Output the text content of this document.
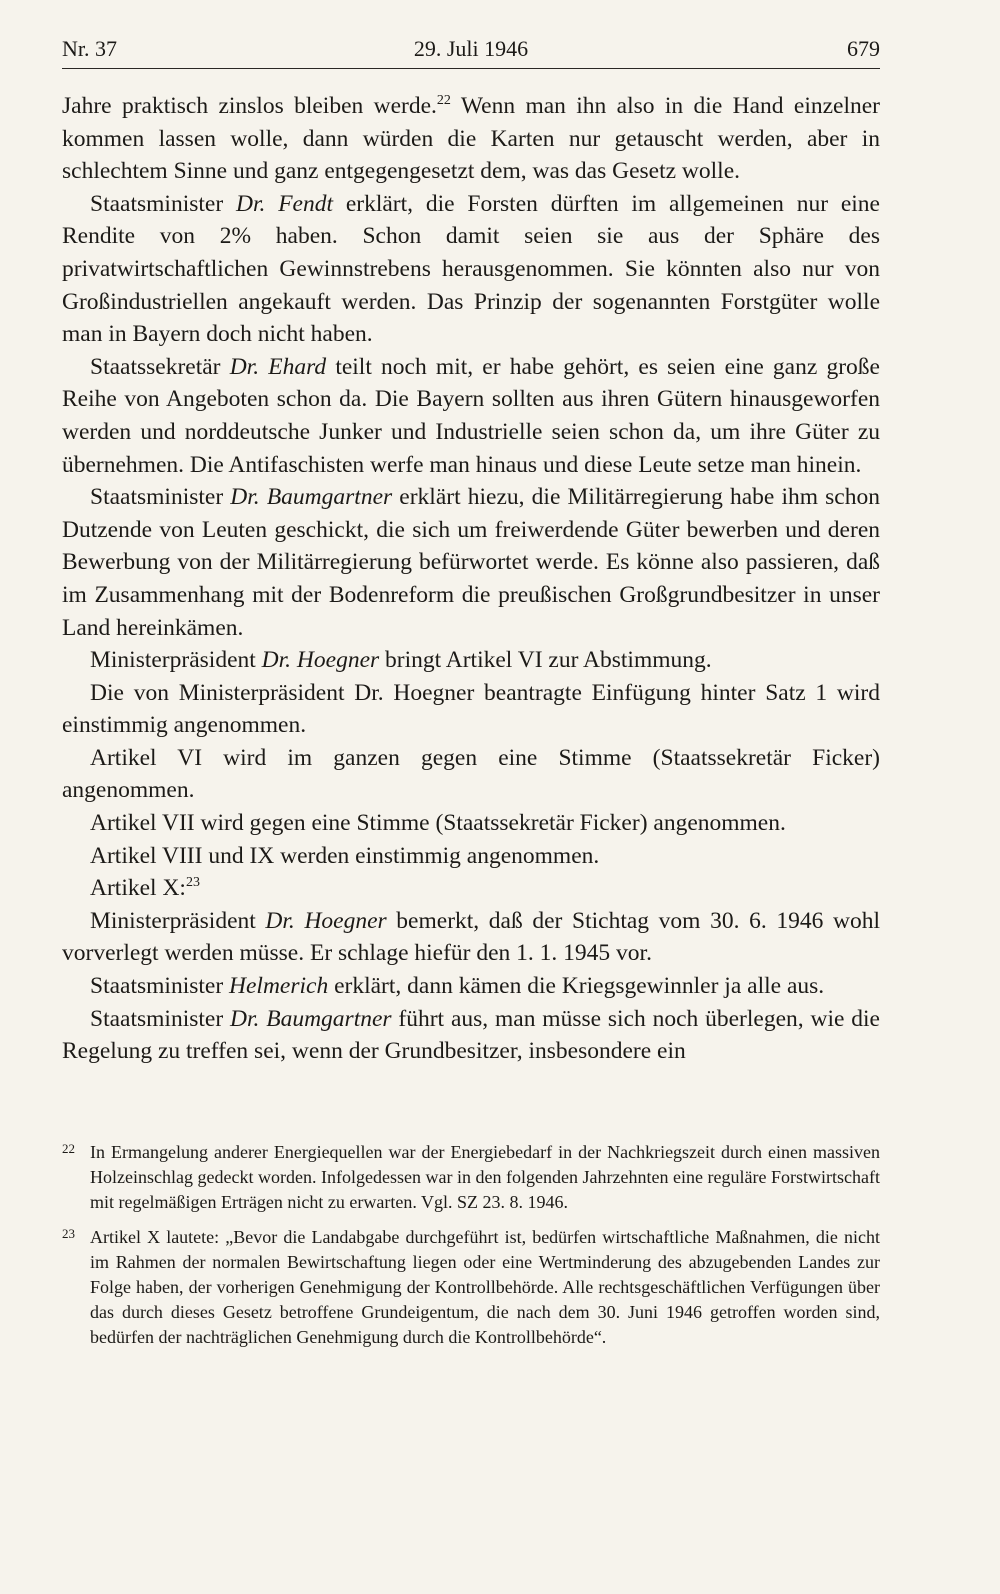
Nr. 37	29. Juli 1946	679

Jahre praktisch zinslos bleiben werde.$^{22}$ Wenn man ihn also in die Hand einzelner kommen lassen wolle, dann würden die Karten nur getauscht werden, aber in schlechtem Sinne und ganz entgegengesetzt dem, was das Gesetz wolle.

Staatsminister Dr. Fendt erklärt, die Forsten dürften im allgemeinen nur eine Rendite von 2% haben. Schon damit seien sie aus der Sphäre des privatwirtschaftlichen Gewinnstrebens herausgenommen. Sie könnten also nur von Großindustriellen angekauft werden. Das Prinzip der sogenannten Forstgüter wolle man in Bayern doch nicht haben.

Staatssekretär Dr. Ehard teilt noch mit, er habe gehört, es seien eine ganz große Reihe von Angeboten schon da. Die Bayern sollten aus ihren Gütern hinausgeworfen werden und norddeutsche Junker und Industrielle seien schon da, um ihre Güter zu übernehmen. Die Antifaschisten werfe man hinaus und diese Leute setze man hinein.

Staatsminister Dr. Baumgartner erklärt hiezu, die Militärregierung habe ihm schon Dutzende von Leuten geschickt, die sich um freiwerdende Güter bewerben und deren Bewerbung von der Militärregierung befürwortet werde. Es könne also passieren, daß im Zusammenhang mit der Bodenreform die preußischen Großgrundbesitzer in unser Land hereinkämen.

Ministerpräsident Dr. Hoegner bringt Artikel VI zur Abstimmung.

Die von Ministerpräsident Dr. Hoegner beantragte Einfügung hinter Satz 1 wird einstimmig angenommen.

Artikel VI wird im ganzen gegen eine Stimme (Staatssekretär Ficker) angenommen.

Artikel VII wird gegen eine Stimme (Staatssekretär Ficker) angenommen.

Artikel VIII und IX werden einstimmig angenommen.

Artikel X:$^{23}$

Ministerpräsident Dr. Hoegner bemerkt, daß der Stichtag vom 30. 6. 1946 wohl vorverlegt werden müsse. Er schlage hiefür den 1. 1. 1945 vor.

Staatsminister Helmerich erklärt, dann kämen die Kriegsgewinnler ja alle aus.

Staatsminister Dr. Baumgartner führt aus, man müsse sich noch überlegen, wie die Regelung zu treffen sei, wenn der Grundbesitzer, insbesondere ein

22 In Ermangelung anderer Energiequellen war der Energiebedarf in der Nachkriegszeit durch einen massiven Holzeinschlag gedeckt worden. Infolgedessen war in den folgenden Jahrzehnten eine reguläre Forstwirtschaft mit regelmäßigen Erträgen nicht zu erwarten. Vgl. SZ 23. 8. 1946.
23 Artikel X lautete: „Bevor die Landabgabe durchgeführt ist, bedürfen wirtschaftliche Maßnahmen, die nicht im Rahmen der normalen Bewirtschaftung liegen oder eine Wertminderung des abzugebenden Landes zur Folge haben, der vorherigen Genehmigung der Kontrollbehörde. Alle rechtsgeschäftlichen Verfügungen über das durch dieses Gesetz betroffene Grundeigentum, die nach dem 30. Juni 1946 getroffen worden sind, bedürfen der nachträglichen Genehmigung durch die Kontrollbehörde“.
